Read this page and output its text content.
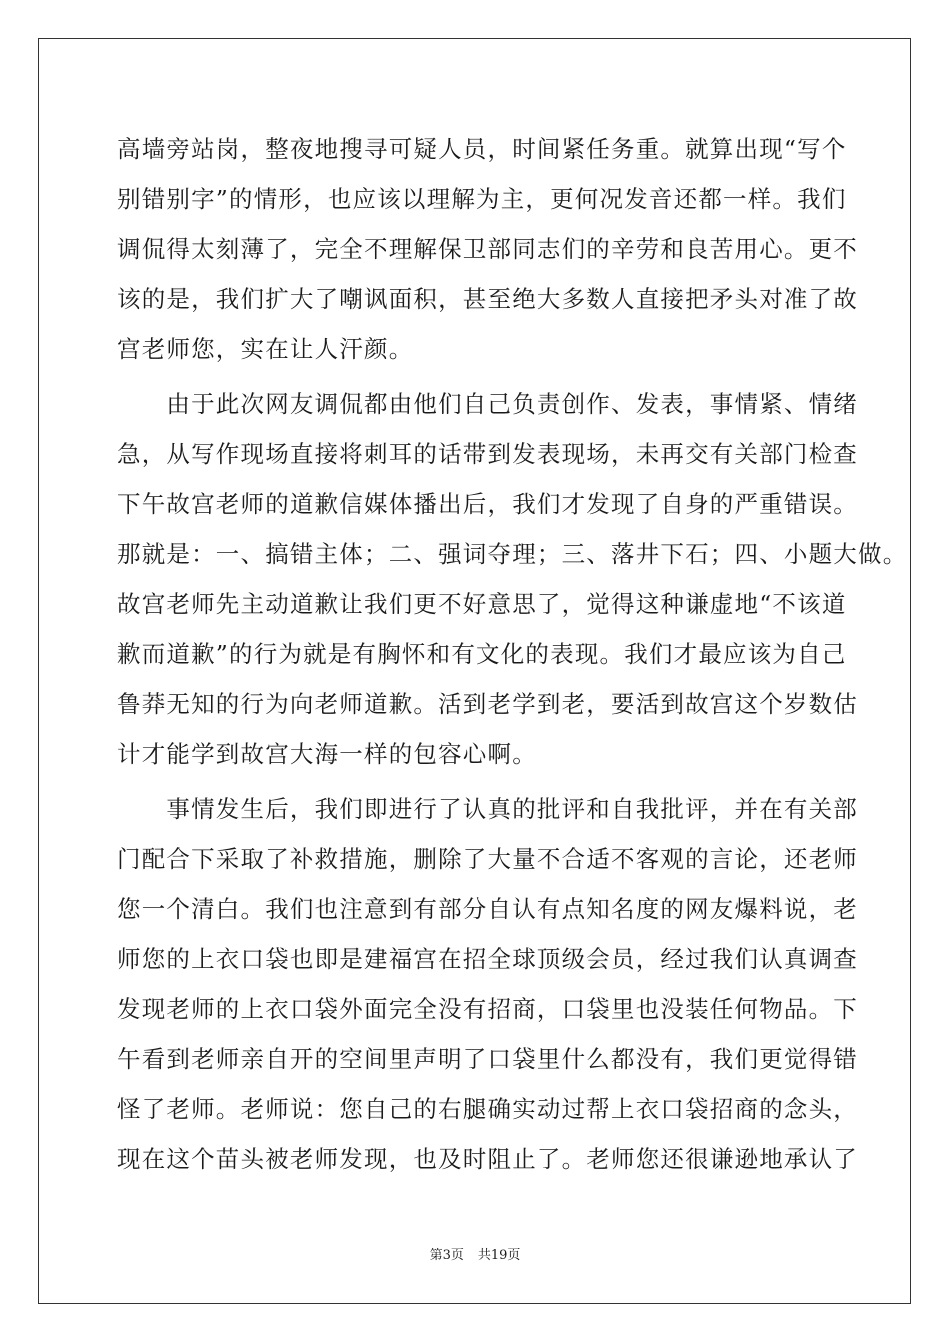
高墙旁站岗，整夜地搜寻可疑人员，时间紧任务重。就算出现“写个
别错别字”的情形，也应该以理解为主，更何况发音还都一样。我们
调侃得太刻薄了，完全不理解保卫部同志们的辛劳和良苦用心。更不
该的是，我们扩大了嘲讽面积，甚至绝大多数人直接把矛头对准了故
宫老师您，实在让人汗颜。
　　由于此次网友调侃都由他们自己负责创作、发表，事情紧、情绪
急，从写作现场直接将刺耳的话带到发表现场，未再交有关部门检查
下午故宫老师的道歉信媒体播出后，我们才发现了自身的严重错误。
那就是：一、搞错主体；二、强词夺理；三、落井下石；四、小题大做。
故宫老师先主动道歉让我们更不好意思了，觉得这种谦虚地“不该道
歉而道歉”的行为就是有胸怀和有文化的表现。我们才最应该为自己
鲁莽无知的行为向老师道歉。活到老学到老，要活到故宫这个岁数估
计才能学到故宫大海一样的包容心啊。
　　事情发生后，我们即进行了认真的批评和自我批评，并在有关部
门配合下采取了补救措施，删除了大量不合适不客观的言论，还老师
您一个清白。我们也注意到有部分自认有点知名度的网友爆料说，老
师您的上衣口袋也即是建福宫在招全球顶级会员，经过我们认真调查
发现老师的上衣口袋外面完全没有招商，口袋里也没装任何物品。下
午看到老师亲自开的空间里声明了口袋里什么都没有，我们更觉得错
怪了老师。老师说：您自己的右腿确实动过帮上衣口袋招商的念头，
现在这个苗头被老师发现，也及时阻止了。老师您还很谦逊地承认了
第3页 共19页
